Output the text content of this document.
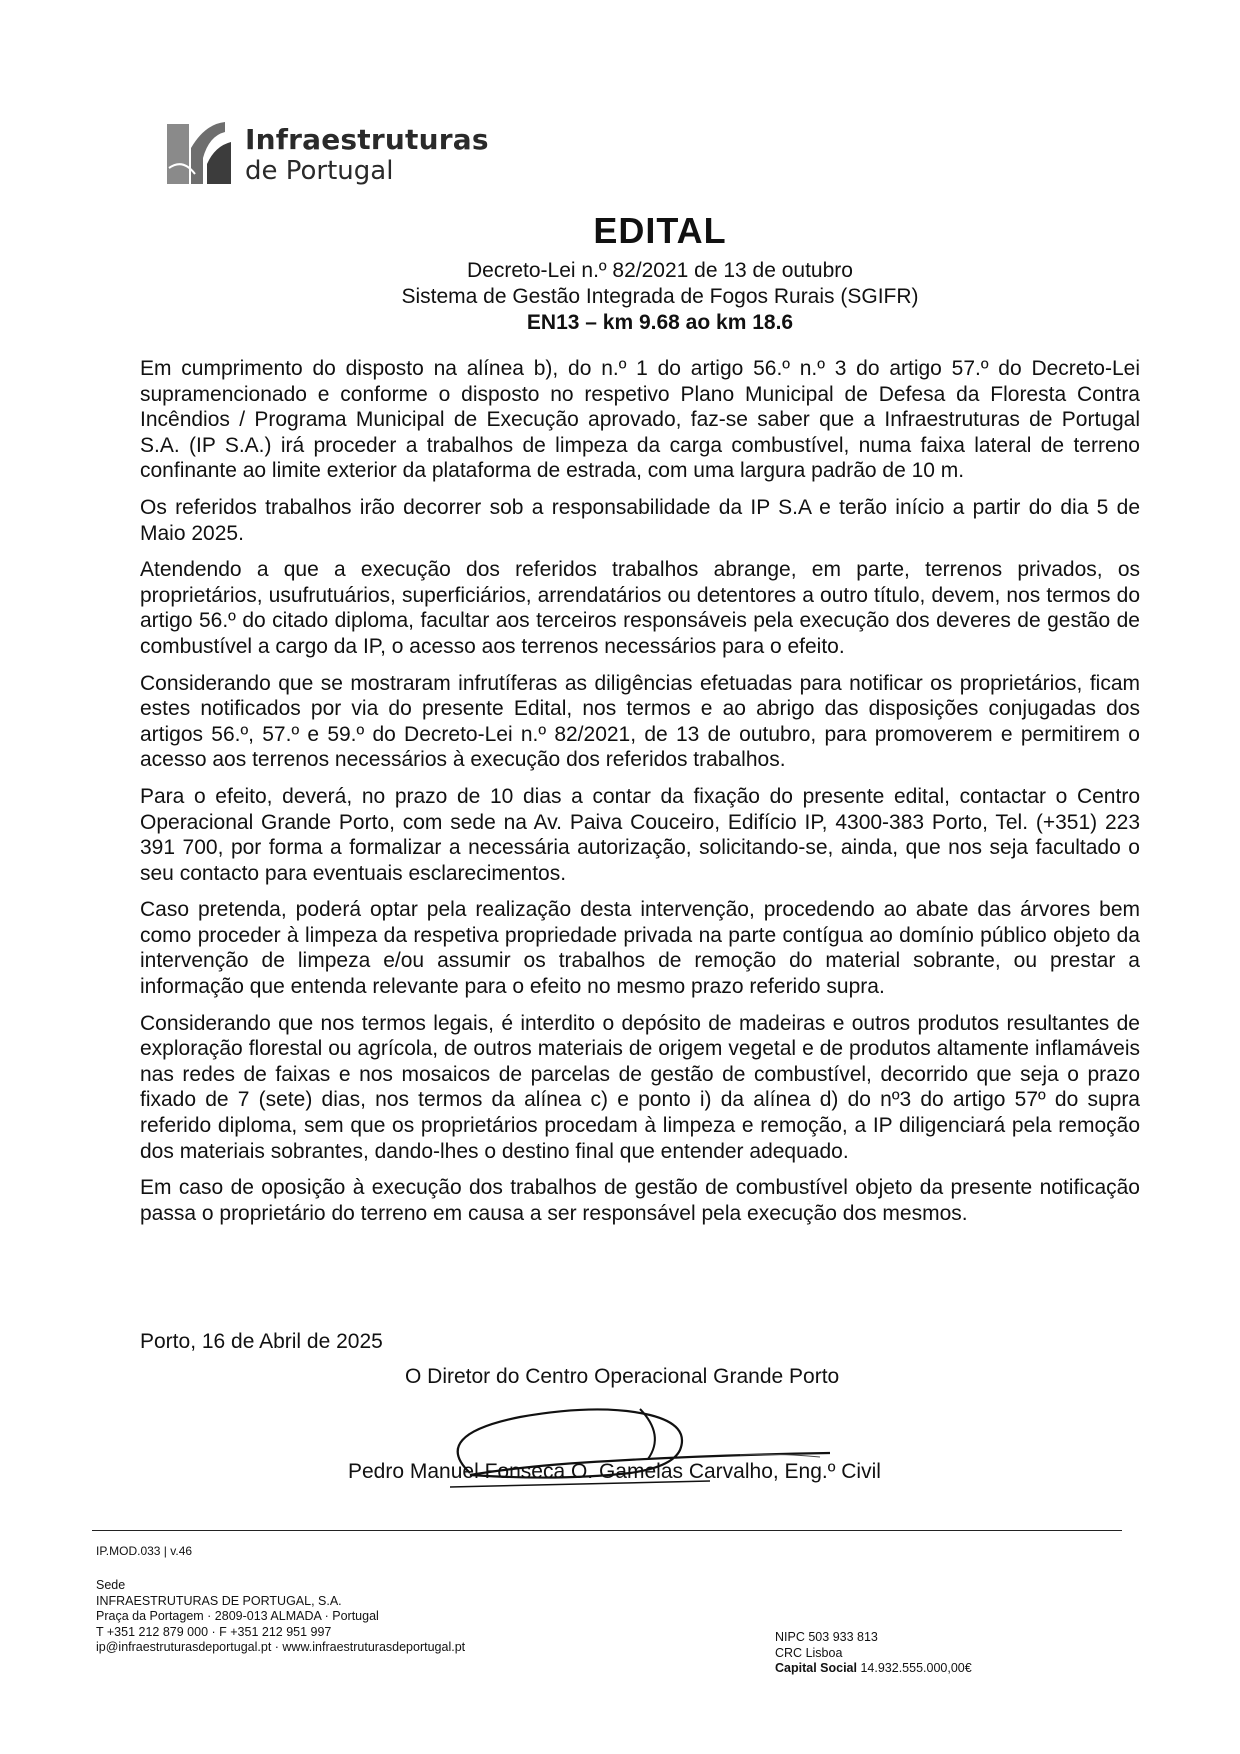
Infraestruturas
de Portugal
EDITAL
Decreto-Lei n.º 82/2021 de 13 de outubro
Sistema de Gestão Integrada de Fogos Rurais (SGIFR)
EN13 – km 9.68 ao km 18.6

Em cumprimento do disposto na alínea b), do n.º 1 do artigo 56.º n.º 3 do artigo 57.º do Decreto-Lei supramencionado e conforme o disposto no respetivo Plano Municipal de Defesa da Floresta Contra Incêndios / Programa Municipal de Execução aprovado, faz-se saber que a Infraestruturas de Portugal S.A. (IP S.A.) irá proceder a trabalhos de limpeza da carga combustível, numa faixa lateral de terreno confinante ao limite exterior da plataforma de estrada, com uma largura padrão de 10 m.

Os referidos trabalhos irão decorrer sob a responsabilidade da IP S.A e terão início a partir do dia 5 de Maio 2025.

Atendendo a que a execução dos referidos trabalhos abrange, em parte, terrenos privados, os proprietários, usufrutuários, superficiários, arrendatários ou detentores a outro título, devem, nos termos do artigo 56.º do citado diploma, facultar aos terceiros responsáveis pela execução dos deveres de gestão de combustível a cargo da IP, o acesso aos terrenos necessários para o efeito.

Considerando que se mostraram infrutíferas as diligências efetuadas para notificar os proprietários, ficam estes notificados por via do presente Edital, nos termos e ao abrigo das disposições conjugadas dos artigos 56.º, 57.º e 59.º do Decreto-Lei n.º 82/2021, de 13 de outubro, para promoverem e permitirem o acesso aos terrenos necessários à execução dos referidos trabalhos.

Para o efeito, deverá, no prazo de 10 dias a contar da fixação do presente edital, contactar o Centro Operacional Grande Porto, com sede na Av. Paiva Couceiro, Edifício IP, 4300-383 Porto, Tel. (+351) 223 391 700, por forma a formalizar a necessária autorização, solicitando-se, ainda, que nos seja facultado o seu contacto para eventuais esclarecimentos.

Caso pretenda, poderá optar pela realização desta intervenção, procedendo ao abate das árvores bem como proceder à limpeza da respetiva propriedade privada na parte contígua ao domínio público objeto da intervenção de limpeza e/ou assumir os trabalhos de remoção do material sobrante, ou prestar a informação que entenda relevante para o efeito no mesmo prazo referido supra.

Considerando que nos termos legais, é interdito o depósito de madeiras e outros produtos resultantes de exploração florestal ou agrícola, de outros materiais de origem vegetal e de produtos altamente inflamáveis nas redes de faixas e nos mosaicos de parcelas de gestão de combustível, decorrido que seja o prazo fixado de 7 (sete) dias, nos termos da alínea c) e ponto i) da alínea d) do nº3 do artigo 57º do supra referido diploma, sem que os proprietários procedam à limpeza e remoção, a IP diligenciará pela remoção dos materiais sobrantes, dando-lhes o destino final que entender adequado.

Em caso de oposição à execução dos trabalhos de gestão de combustível objeto da presente notificação passa o proprietário do terreno em causa a ser responsável pela execução dos mesmos.

Porto, 16 de Abril de 2025
O Diretor do Centro Operacional Grande Porto
Pedro Manuel Fonseca O. Gamelas Carvalho, Eng.º Civil
IP.MOD.033 | v.46
Sede
INFRAESTRUTURAS DE PORTUGAL, S.A.
Praça da Portagem · 2809-013 ALMADA · Portugal
T +351 212 879 000 · F +351 212 951 997
ip@infraestruturasdeportugal.pt · www.infraestruturasdeportugal.pt
NIPC 503 933 813
CRC Lisboa
Capital Social 14.932.555.000,00€
